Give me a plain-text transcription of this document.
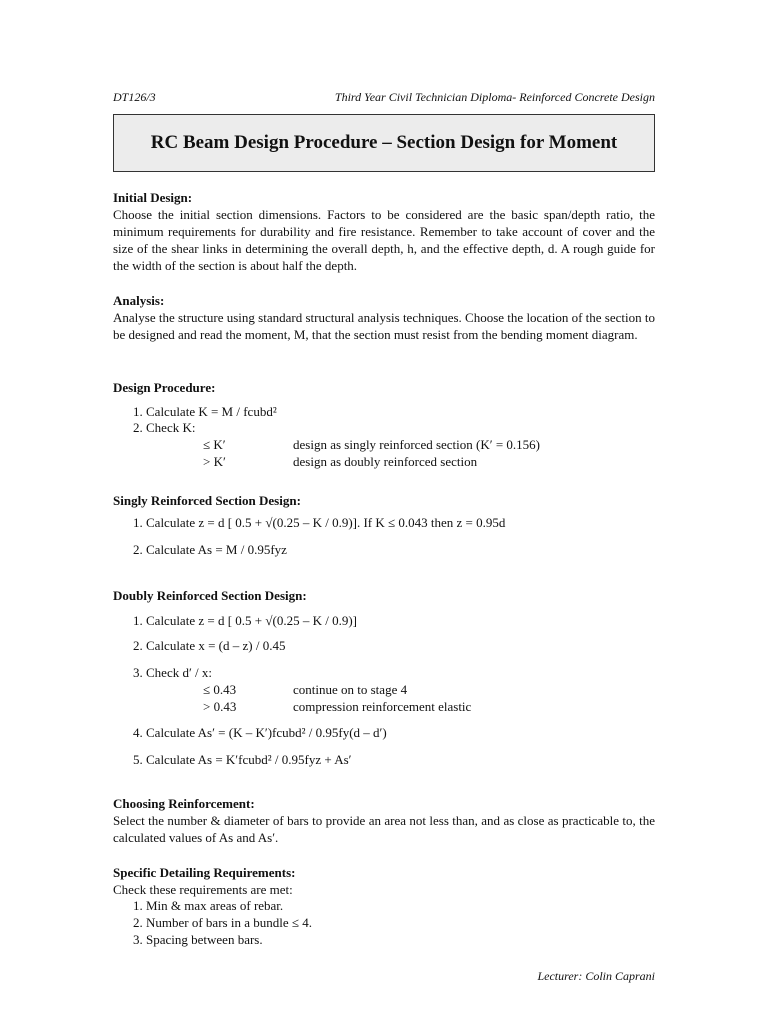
DT126/3	Third Year Civil Technician Diploma- Reinforced Concrete Design
RC Beam Design Procedure – Section Design for Moment
Initial Design:

Choose the initial section dimensions. Factors to be considered are the basic span/depth ratio, the minimum requirements for durability and fire resistance. Remember to take account of cover and the size of the shear links in determining the overall depth, h, and the effective depth, d. A rough guide for the width of the section is about half the depth.

Analysis:

Analyse the structure using standard structural analysis techniques. Choose the location of the section to be designed and read the moment, M, that the section must resist from the bending moment diagram.

Design Procedure:
1. Calculate K = M / fcubd²
2. Check K:
≤ K′	design as singly reinforced section (K′ = 0.156)
> K′	design as doubly reinforced section
Singly Reinforced Section Design:
1. Calculate z = d [ 0.5 + √(0.25 – K / 0.9)]. If K ≤ 0.043 then z = 0.95d
2. Calculate As = M / 0.95fyz
Doubly Reinforced Section Design:
1. Calculate z = d [ 0.5 + √(0.25 – K / 0.9)]
2. Calculate x = (d – z) / 0.45
3. Check d′ / x:
≤ 0.43	continue on to stage 4
> 0.43	compression reinforcement elastic
4. Calculate As′ = (K – K′)fcubd² / 0.95fy(d – d′)
5. Calculate As = K′fcubd² / 0.95fyz + As′
Choosing Reinforcement:

Select the number & diameter of bars to provide an area not less than, and as close as practicable to, the calculated values of As and As′.

Specific Detailing Requirements:

Check these requirements are met:

1. Min & max areas of rebar.
2. Number of bars in a bundle ≤ 4.
3. Spacing between bars.
Lecturer: Colin Caprani
